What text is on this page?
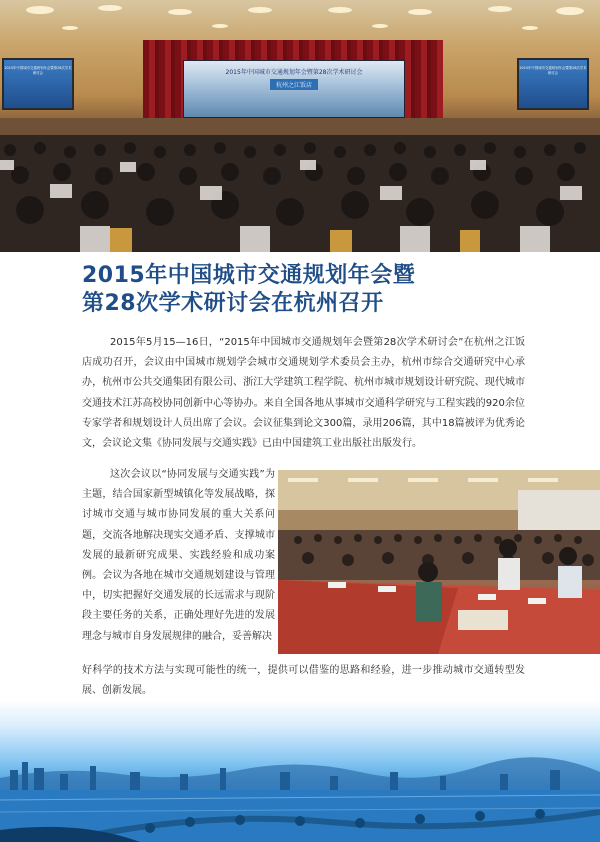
2015年中国城市交通规划年会暨第28次学术研讨会
2015年中国城市交通规划年会暨第28次学术研讨会
2015年中国城市交通规划年会暨第28次学术研讨会
杭州之江饭店
2015年中国城市交通规划年会暨
第28次学术研讨会在杭州召开
2015年5月15—16日，“2015年中国城市交通规划年会暨第28次学术研讨会”在杭州之江饭店成功召开，会议由中国城市规划学会城市交通规划学术委员会主办，杭州市综合交通研究中心承办，杭州市公共交通集团有限公司、浙江大学建筑工程学院、杭州市城市规划设计研究院、现代城市交通技术江苏高校协同创新中心等协办。来自全国各地从事城市交通科学研究与工程实践的920余位专家学者和规划设计人员出席了会议。会议征集到论文300篇，录用206篇，其中18篇被评为优秀论文，会议论文集《协同发展与交通实践》已由中国建筑工业出版社出版发行。
这次会议以“协同发展与交通实践”为主题，结合国家新型城镇化等发展战略，探讨城市交通与城市协同发展的重大关系问题，交流各地解决现实交通矛盾、支撑城市发展的最新研究成果、实践经验和成功案例。会议为各地在城市交通规划建设与管理中，切实把握好交通发展的长远需求与现阶段主要任务的关系，正确处理好先进的发展理念与城市自身发展规律的融合，妥善解决
好科学的技术方法与实现可能性的统一，提供可以借鉴的思路和经验，进一步推动城市交通转型发展、创新发展。
